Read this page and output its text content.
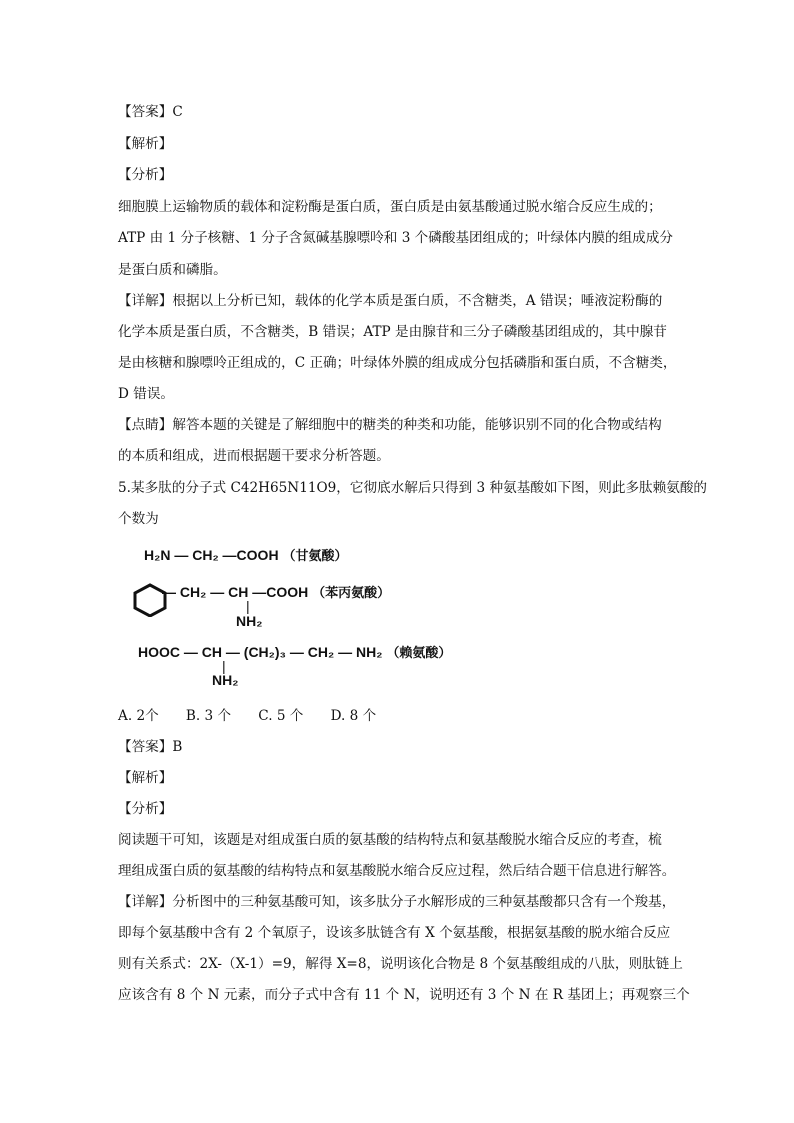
【答案】C
【解析】
【分析】
细胞膜上运输物质的载体和淀粉酶是蛋白质，蛋白质是由氨基酸通过脱水缩合反应生成的；
ATP 由 1 分子核糖、1 分子含氮碱基腺嘌呤和 3 个磷酸基团组成的；叶绿体内膜的组成成分
是蛋白质和磷脂。
【详解】根据以上分析已知，载体的化学本质是蛋白质，不含糖类，A 错误；唾液淀粉酶的
化学本质是蛋白质，不含糖类，B 错误；ATP 是由腺苷和三分子磷酸基团组成的，其中腺苷
是由核糖和腺嘌呤正组成的，C 正确；叶绿体外膜的组成成分包括磷脂和蛋白质，不含糖类，
D 错误。
【点睛】解答本题的关键是了解细胞中的糖类的种类和功能，能够识别不同的化合物或结构
的本质和组成，进而根据题干要求分析答题。
5.某多肽的分子式 C42H65N11O9，它彻底水解后只得到 3 种氨基酸如下图，则此多肽赖氨酸的
个数为
H₂N — CH₂ —COOH （甘氨酸）
— CH₂ — CH —COOH （苯丙氨酸）
|
NH₂
HOOC — CH — (CH₂)₃ — CH₂ — NH₂ （赖氨酸）
|
NH₂
A. 2个　　B. 3 个　　C. 5 个　　D. 8 个
【答案】B
【解析】
【分析】
阅读题干可知，该题是对组成蛋白质的氨基酸的结构特点和氨基酸脱水缩合反应的考查，梳
理组成蛋白质的氨基酸的结构特点和氨基酸脱水缩合反应过程，然后结合题干信息进行解答。
【详解】分析图中的三种氨基酸可知，该多肽分子水解形成的三种氨基酸都只含有一个羧基，
即每个氨基酸中含有 2 个氧原子，设该多肽链含有 X 个氨基酸，根据氨基酸的脱水缩合反应
则有关系式：2X-（X-1）=9，解得 X=8，说明该化合物是 8 个氨基酸组成的八肽，则肽链上
应该含有 8 个 N 元素，而分子式中含有 11 个 N，说明还有 3 个 N 在 R 基团上；再观察三个
